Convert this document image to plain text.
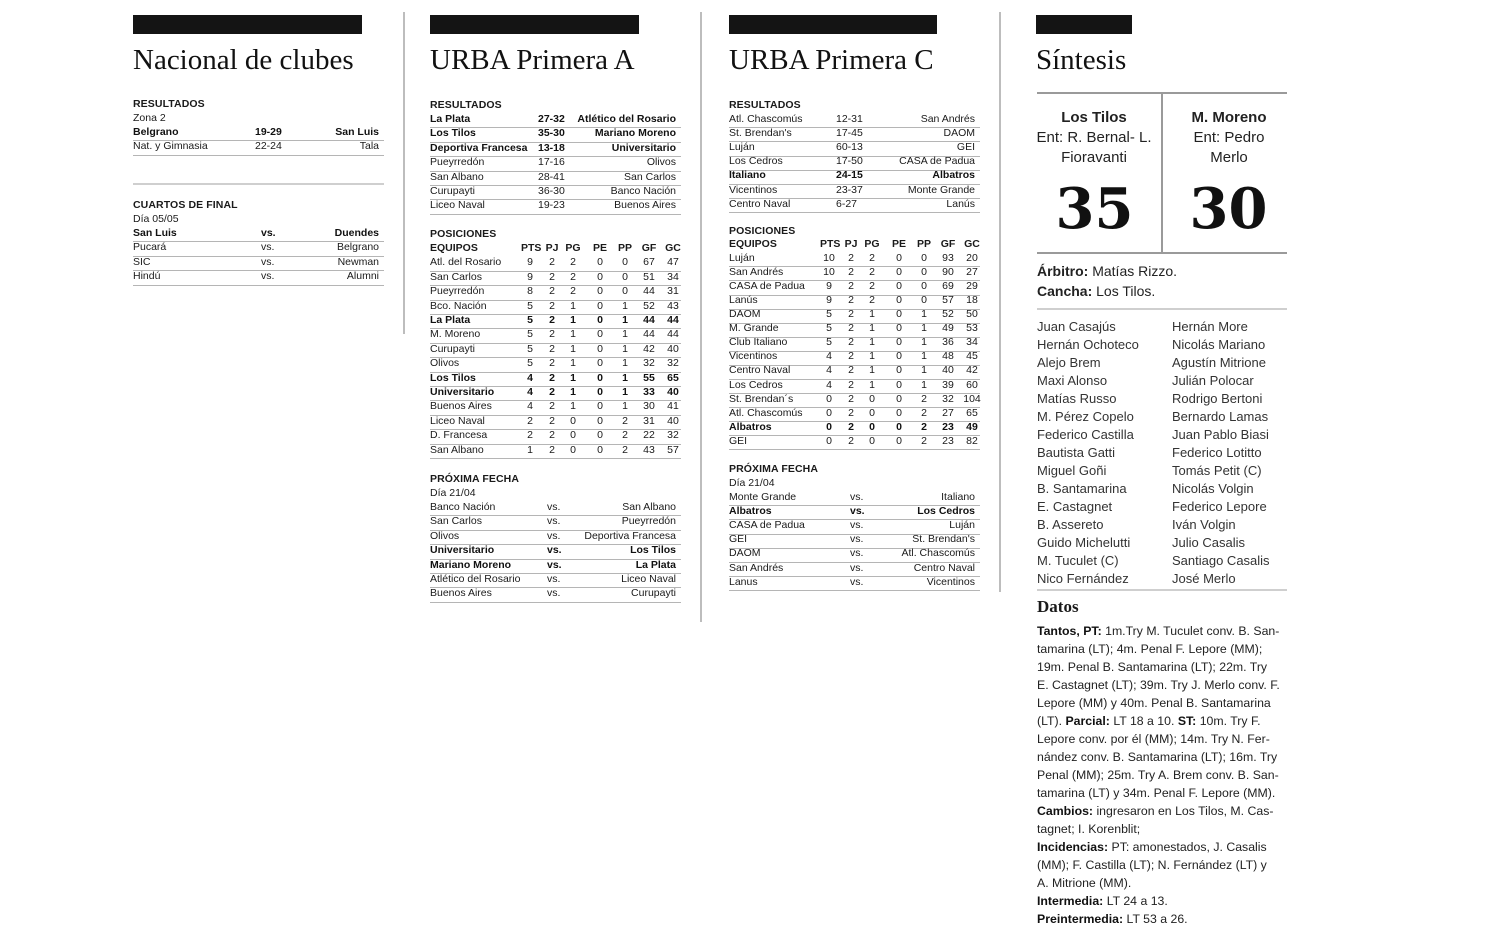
Nacional de clubes
RESULTADOS
Zona 2
Belgrano	19-29	San Luis
Nat. y Gimnasia	22-24	Tala
CUARTOS DE FINAL
Día 05/05
San Luis	vs.	Duendes
Pucará	vs.	Belgrano
SIC	vs.	Newman
Hindú	vs.	Alumni
URBA Primera A
RESULTADOS
La Plata	27-32 Atlético del Rosario
Los Tilos	35-30	Mariano Moreno
Deportiva Francesa 13-18	Universitario
Pueyrredón	17-16	Olivos
San Albano	28-41	San Carlos
Curupayti	36-30	Banco Nación
Liceo Naval	19-23	Buenos Aires
POSICIONES
EQUIPOS	PTS PJ PG PE PP GF GC
Atl. del Rosario	9	2	2	0	0	67	47
San Carlos	9	2	2	0	0	51	34
Pueyrredón	8	2	2	0	0	44	31
Bco. Nación	5	2	1	0	1	52	43
La Plata	5	2	1	0	1	44	44
M. Moreno	5	2	1	0	1	44	44
Curupayti	5	2	1	0	1	42	40
Olivos	5	2	1	0	1	32	32
Los Tilos	4	2	1	0	1	55	65
Universitario	4	2	1	0	1	33	40
Buenos Aires	4	2	1	0	1	30	41
Liceo Naval	2	2	0	0	2	31	40
D. Francesa	2	2	0	0	2	22	32
San Albano	1	2	0	0	2	43	57
PRÓXIMA FECHA
Día 21/04
Banco Nación	vs.	San Albano
San Carlos	vs.	Pueyrredón
Olivos	vs. Deportiva Francesa
Universitario	vs.	Los Tilos
Mariano Moreno	vs.	La Plata
Atlético del Rosario	vs.	Liceo Naval
Buenos Aires	vs.	Curupayti
URBA Primera C
RESULTADOS
Atl. Chascomús	12-31	San Andrés
St. Brendan's	17-45	DAOM
Luján	60-13	GEI
Los Cedros	17-50	CASA de Padua
Italiano	24-15	Albatros
Vicentinos	23-37	Monte Grande
Centro Naval	6-27	Lanús
POSICIONES
EQUIPOS	PTS PJ PG PE PP GF GC
Luján	10	2	2	0	0	93	20
San Andrés	10	2	2	0	0	90	27
CASA de Padua	9	2	2	0	0	69	29
Lanús	9	2	2	0	0	57	18
DAOM	5	2	1	0	1	52	50
M. Grande	5	2	1	0	1	49	53
Club Italiano	5	2	1	0	1	36	34
Vicentinos	4	2	1	0	1	48	45
Centro Naval	4	2	1	0	1	40	42
Los Cedros	4	2	1	0	1	39	60
St. Brendan´s	0	2	0	0	2	32 104
Atl. Chascomús	0	2	0	0	2	27	65
Albatros	0	2	0	0	2	23	49
GEI	0	2	0	0	2	23	82
PRÓXIMA FECHA
Día 21/04
Monte Grande	vs.	Italiano
Albatros	vs.	Los Cedros
CASA de Padua	vs.	Luján
GEI	vs.	St. Brendan's
DAOM	vs.	Atl. Chascomús
San Andrés	vs.	Centro Naval
Lanus	vs.	Vicentinos
Síntesis
Los Tilos
Ent: R. Bernal- L.
Fioravanti
M. Moreno
Ent: Pedro
Merlo
35	30
Árbitro: Matías Rizzo.
Cancha: Los Tilos.
Juan Casajús
Hernán Ochoteco
Alejo Brem
Maxi Alonso
Matías Russo
M. Pérez Copelo
Federico Castilla
Bautista Gatti
Miguel Goñi
B. Santamarina
E. Castagnet
B. Assereto
Guido Michelutti
M. Tuculet (C)
Nico Fernández
Hernán More
Nicolás Mariano
Agustín Mitrione
Julián Polocar
Rodrigo Bertoni
Bernardo Lamas
Juan Pablo Biasi
Federico Lotitto
Tomás Petit (C)
Nicolás Volgin
Federico Lepore
Iván Volgin
Julio Casalis
Santiago Casalis
José Merlo
Datos
Tantos, PT: 1m.Try M. Tuculet conv. B. San-
tamarina (LT); 4m. Penal F. Lepore (MM);
19m. Penal B. Santamarina (LT); 22m. Try
E. Castagnet (LT); 39m. Try J. Merlo conv. F.
Lepore (MM) y 40m. Penal B. Santamarina
(LT). Parcial: LT 18 a 10. ST: 10m. Try F.
Lepore conv. por él (MM); 14m. Try N. Fer-
nández conv. B. Santamarina (LT); 16m. Try
Penal (MM); 25m. Try A. Brem conv. B. San-
tamarina (LT) y 34m. Penal F. Lepore (MM).
Cambios: ingresaron en Los Tilos, M. Cas-
tagnet; I. Korenblit;
Incidencias: PT: amonestados, J. Casalis
(MM); F. Castilla (LT); N. Fernández (LT) y
A. Mitrione (MM).
Intermedia: LT 24 a 13.
Preintermedia: LT 53 a 26.
